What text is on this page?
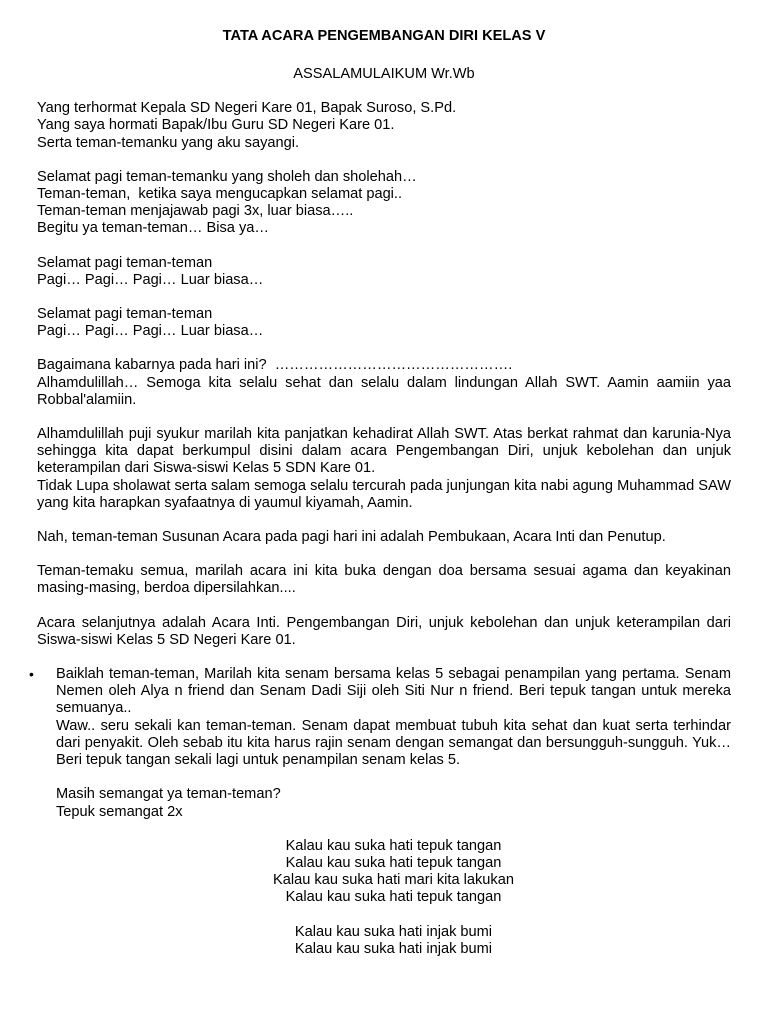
TATA ACARA PENGEMBANGAN DIRI KELAS V

ASSALAMULAIKUM Wr.Wb

Yang terhormat Kepala SD Negeri Kare 01, Bapak Suroso, S.Pd.
Yang saya hormati Bapak/Ibu Guru SD Negeri Kare 01.
Serta teman-temanku yang aku sayangi.
Selamat pagi teman-temanku yang sholeh dan sholehah…
Teman-teman,  ketika saya mengucapkan selamat pagi..
Teman-teman menjajawab pagi 3x, luar biasa…..
Begitu ya teman-teman… Bisa ya…
Selamat pagi teman-teman
Pagi… Pagi… Pagi… Luar biasa…
Selamat pagi teman-teman
Pagi… Pagi… Pagi… Luar biasa…
Bagaimana kabarnya pada hari ini?  ………………………………………….

Alhamdulillah… Semoga kita selalu sehat dan selalu dalam lindungan Allah SWT. Aamin aamiin yaa Robbal'alamiin.

Alhamdulillah puji syukur marilah kita panjatkan kehadirat Allah SWT. Atas berkat rahmat dan karunia-Nya sehingga kita dapat berkumpul disini dalam acara Pengembangan Diri, unjuk kebolehan dan unjuk keterampilan dari Siswa-siswi Kelas 5 SDN Kare 01.

Tidak Lupa sholawat serta salam semoga selalu tercurah pada junjungan kita nabi agung Muhammad SAW yang kita harapkan syafaatnya di yaumul kiyamah, Aamin.

Nah, teman-teman Susunan Acara pada pagi hari ini adalah Pembukaan, Acara Inti dan Penutup.

Teman-temaku semua, marilah acara ini kita buka dengan doa bersama sesuai agama dan keyakinan masing-masing, berdoa dipersilahkan....

Acara selanjutnya adalah Acara Inti. Pengembangan Diri, unjuk kebolehan dan unjuk keterampilan dari Siswa-siswi Kelas 5 SD Negeri Kare 01.

• Baiklah teman-teman, Marilah kita senam bersama kelas 5 sebagai penampilan yang pertama. Senam Nemen oleh Alya n friend dan Senam Dadi Siji oleh Siti Nur n friend. Beri tepuk tangan untuk mereka semuanya..

Waw.. seru sekali kan teman-teman. Senam dapat membuat tubuh kita sehat dan kuat serta terhindar dari penyakit. Oleh sebab itu kita harus rajin senam dengan semangat dan bersungguh-sungguh. Yuk…Beri tepuk tangan sekali lagi untuk penampilan senam kelas 5.

Masih semangat ya teman-teman?
Tepuk semangat 2x
Kalau kau suka hati tepuk tangan
Kalau kau suka hati tepuk tangan
Kalau kau suka hati mari kita lakukan
Kalau kau suka hati tepuk tangan
Kalau kau suka hati injak bumi
Kalau kau suka hati injak bumi
